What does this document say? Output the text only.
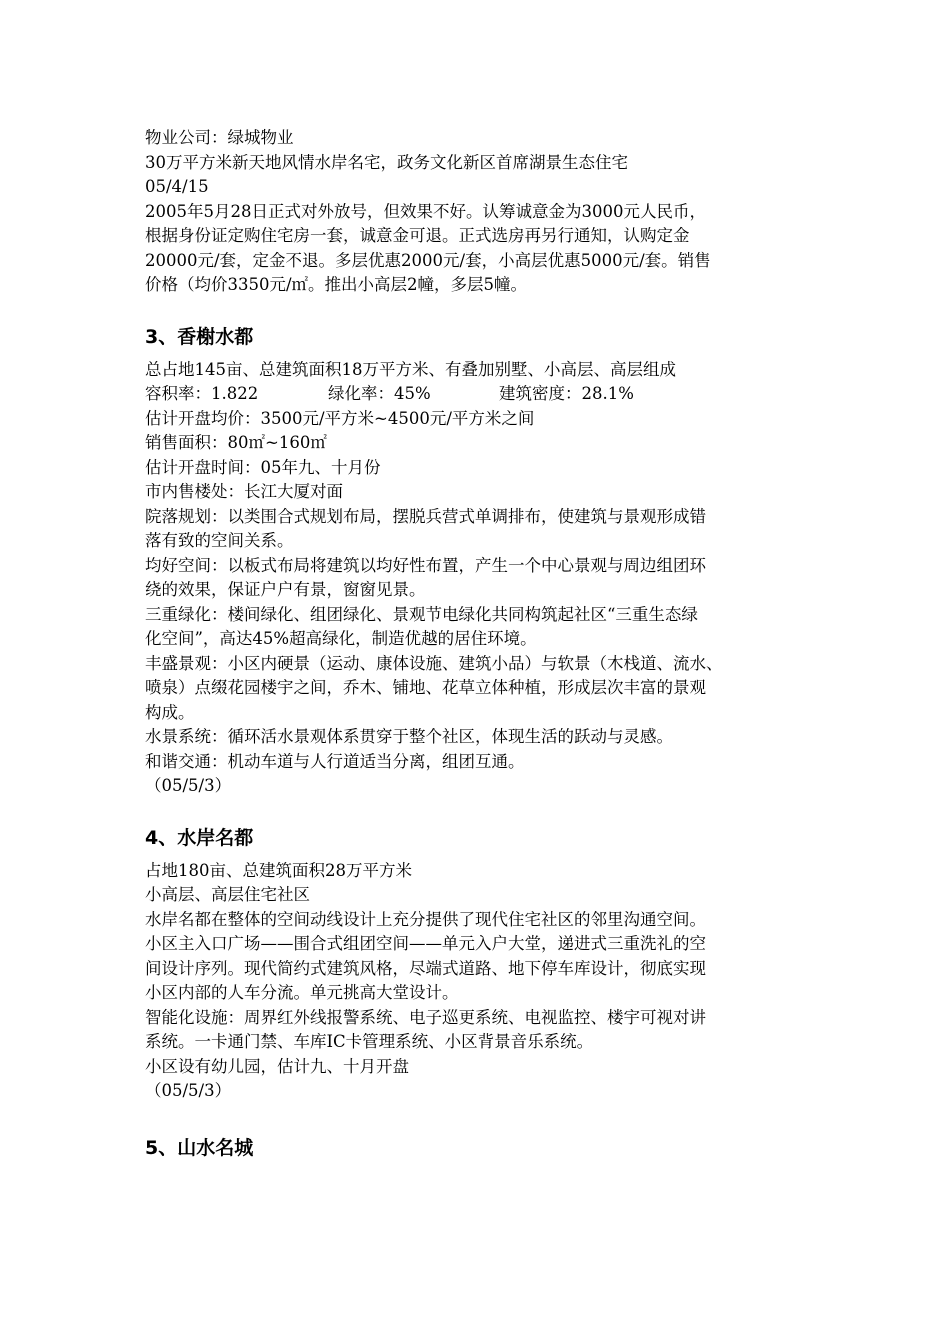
物业公司：绿城物业

30万平方米新天地风情水岸名宅，政务文化新区首席湖景生态住宅

05/4/15

2005年5月28日正式对外放号，但效果不好。认筹诚意金为3000元人民币，

根据身份证定购住宅房一套，诚意金可退。正式选房再另行通知，认购定金

20000元/套，定金不退。多层优惠2000元/套，小高层优惠5000元/套。销售

价格（均价3350元/㎡。推出小高层2幢，多层5幢。

3、香榭水都

总占地145亩、总建筑面积18万平方米、有叠加别墅、小高层、高层组成

容积率：1.822	绿化率：45%	建筑密度：28.1%

估计开盘均价：3500元/平方米~4500元/平方米之间

销售面积：80㎡~160㎡

估计开盘时间：05年九、十月份

市内售楼处：长江大厦对面

院落规划：以类围合式规划布局，摆脱兵营式单调排布，使建筑与景观形成错

落有致的空间关系。

均好空间：以板式布局将建筑以均好性布置，产生一个中心景观与周边组团环

绕的效果，保证户户有景，窗窗见景。

三重绿化：楼间绿化、组团绿化、景观节电绿化共同构筑起社区“三重生态绿

化空间”，高达45%超高绿化，制造优越的居住环境。

丰盛景观：小区内硬景（运动、康体设施、建筑小品）与软景（木栈道、流水、

喷泉）点缀花园楼宇之间，乔木、铺地、花草立体种植，形成层次丰富的景观

构成。

水景系统：循环活水景观体系贯穿于整个社区，体现生活的跃动与灵感。

和谐交通：机动车道与人行道适当分离，组团互通。

（05/5/3）

4、水岸名都

占地180亩、总建筑面积28万平方米

小高层、高层住宅社区

水岸名都在整体的空间动线设计上充分提供了现代住宅社区的邻里沟通空间。

小区主入口广场——围合式组团空间——单元入户大堂，递进式三重洗礼的空

间设计序列。现代简约式建筑风格，尽端式道路、地下停车库设计，彻底实现

小区内部的人车分流。单元挑高大堂设计。

智能化设施：周界红外线报警系统、电子巡更系统、电视监控、楼宇可视对讲

系统。一卡通门禁、车库IC卡管理系统、小区背景音乐系统。

小区设有幼儿园，估计九、十月开盘

（05/5/3）

5、山水名城
